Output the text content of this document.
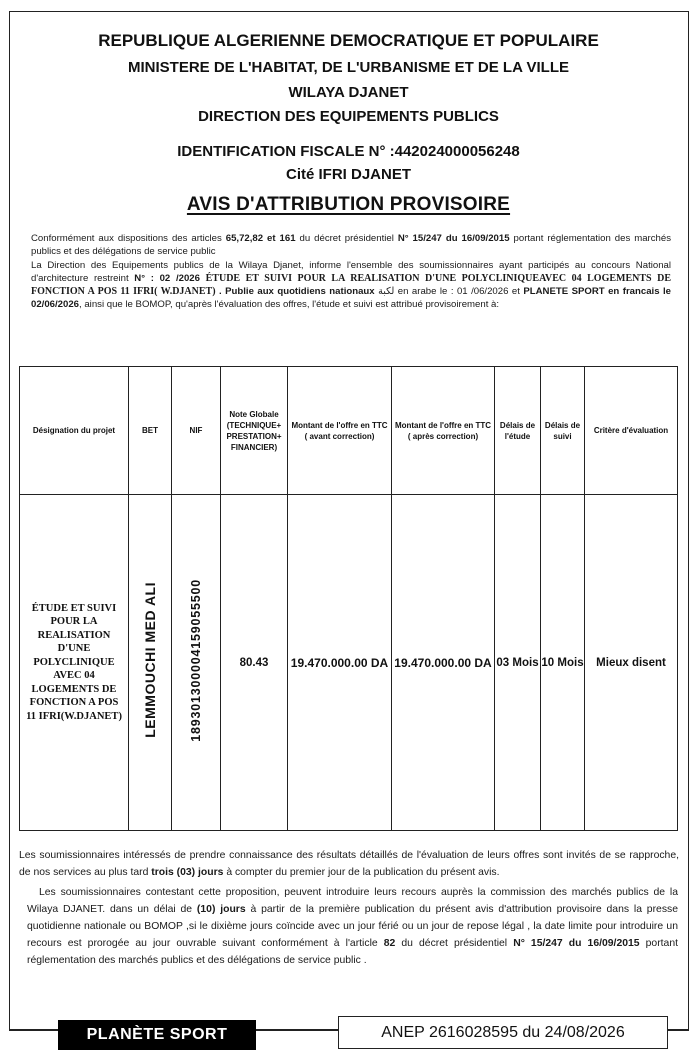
REPUBLIQUE ALGERIENNE DEMOCRATIQUE ET POPULAIRE
MINISTERE DE L'HABITAT, DE L'URBANISME ET DE LA VILLE
WILAYA DJANET
DIRECTION DES EQUIPEMENTS PUBLICS
IDENTIFICATION FISCALE N° :442024000056248
Cité IFRI DJANET
AVIS D'ATTRIBUTION PROVISOIRE

Conformément aux dispositions des articles 65,72,82 et 161 du décret présidentiel N° 15/247 du 16/09/2015 portant réglementation des marchés publics et des délégations de service public

La Direction des Equipements publics de la Wilaya Djanet, informe l'ensemble des soumissionnaires ayant participés au concours National d'architecture restreint N° : 02 /2026 ÉTUDE ET SUIVI POUR LA REALISATION D'UNE POLYCLINIQUEAVEC 04 LOGEMENTS DE FONCTION A POS 11 IFRI( W.DJANET) . Publie aux quotidiens nationaux لكبة en arabe le : 01 /06/2026 et PLANETE SPORT en francais le 02/06/2026, ainsi que le BOMOP, qu'après l'évaluation des offres, l'étude et suivi est attribué provisoirement à:

Désignation du projet	BET	NIF	Note Globale (TECHNIQUE+ PRESTATION+ FINANCIER)	Montant de l'offre en TTC ( avant correction)	Montant de l'offre en TTC ( après correction)	Délais de l'étude	Délais de suivi	Critère d'évaluation
ÉTUDE ET SUIVI POUR LA REALISATION D'UNE POLYCLINIQUE AVEC 04 LOGEMENTS DE FONCTION A POS 11 IFRI(W.DJANET)	LEMMOUCHI MED ALI	189301300004159055500	80.43	19.470.000.00 DA	19.470.000.00 DA	03 Mois	10 Mois	Mieux disent
Les soumissionnaires intéressés de prendre connaissance des résultats détaillés de l'évaluation de leurs offres sont invités de se rapproche, de nos services au plus tard trois (03) jours à compter du premier jour de la publication du présent avis.
Les soumissionnaires contestant cette proposition, peuvent introduire leurs recours auprès la commission des marchés publics de la Wilaya DJANET. dans un délai de (10) jours à partir de la première publication du présent avis d'attribution provisoire dans la presse quotidienne nationale ou BOMOP ,si le dixième jours coïncide avec un jour férié ou un jour de repose légal , la date limite pour introduire un recours est prorogée au jour ouvrable suivant conformément à l'article 82 du décret présidentiel N° 15/247 du 16/09/2015 portant réglementation des marchés publics et des délégations de service public .
PLANÈTE SPORT	ANEP 2616028595 du 24/08/2026
